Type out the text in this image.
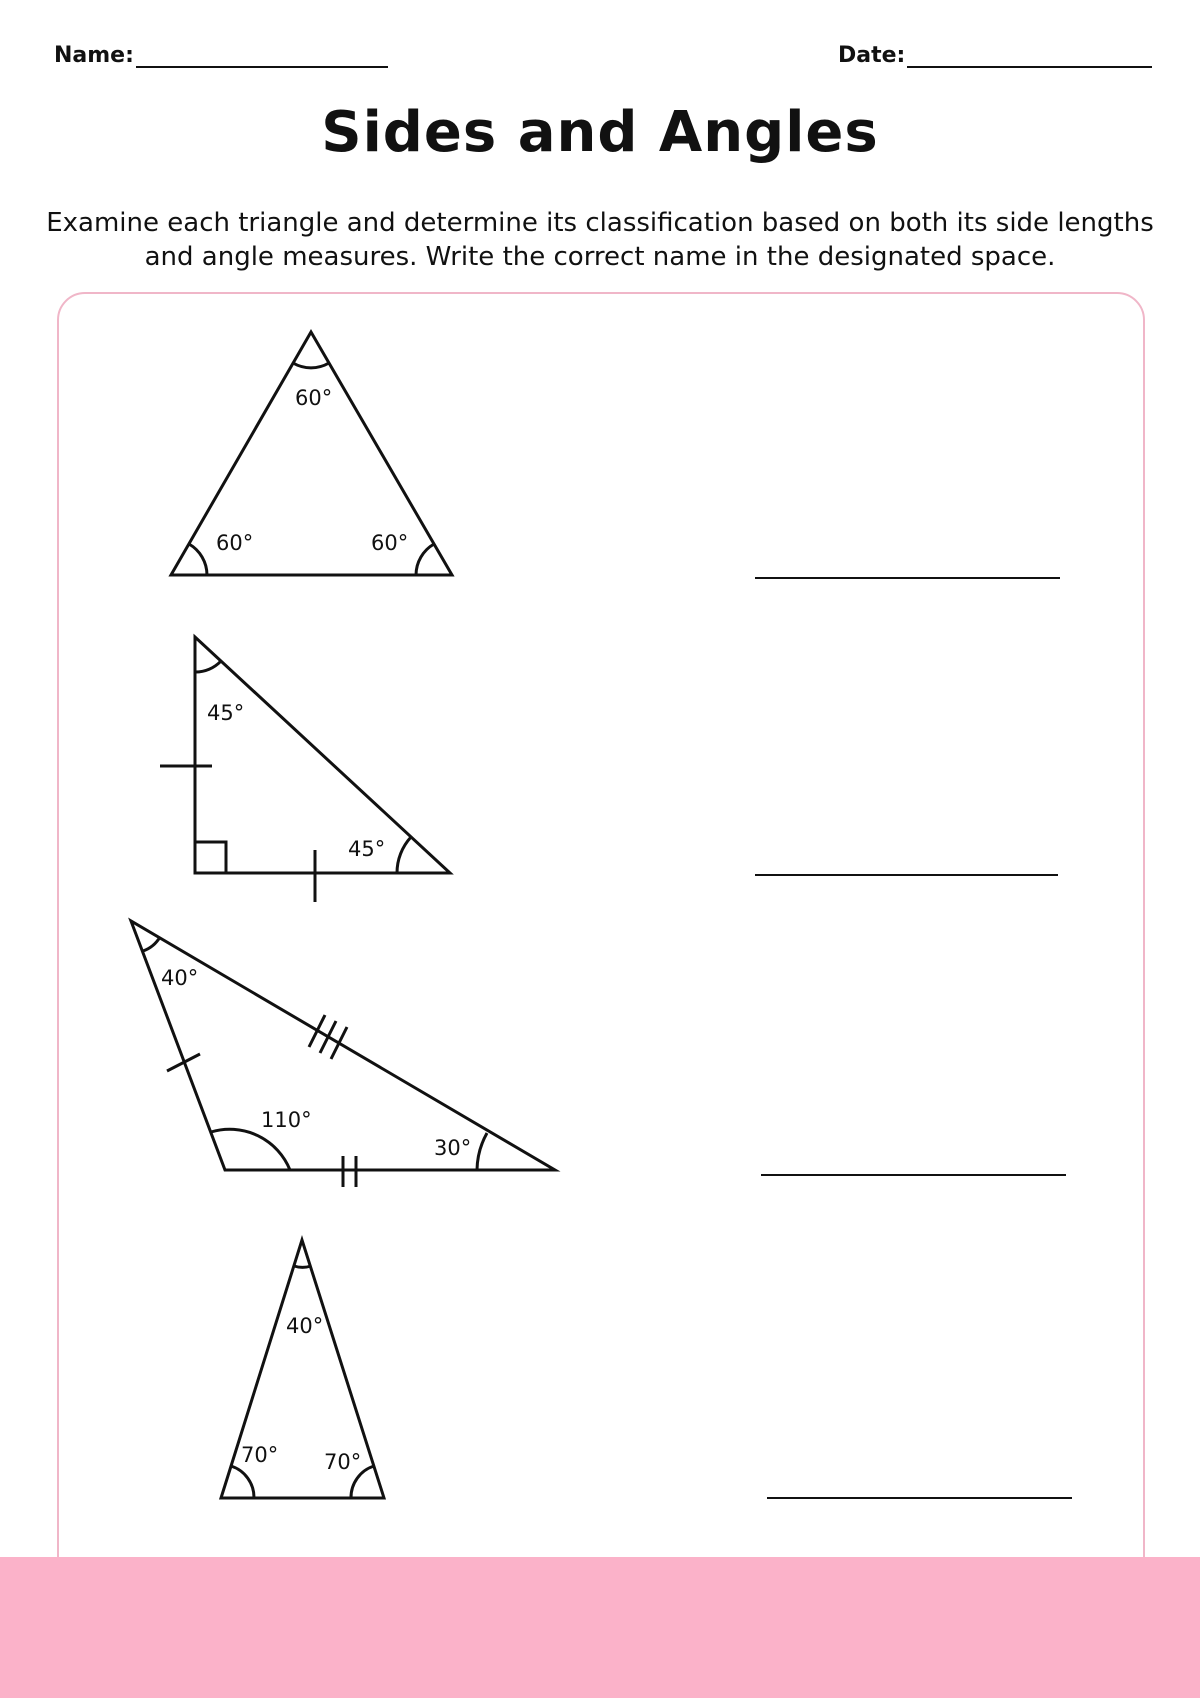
Name:	Date:
Sides and Angles

Examine each triangle and determine its classification based on both its side lengths and angle measures. Write the correct name in the designated space.

60°
60°	60°
45°
45°
40°
110°
30°
40°
70° 70°
